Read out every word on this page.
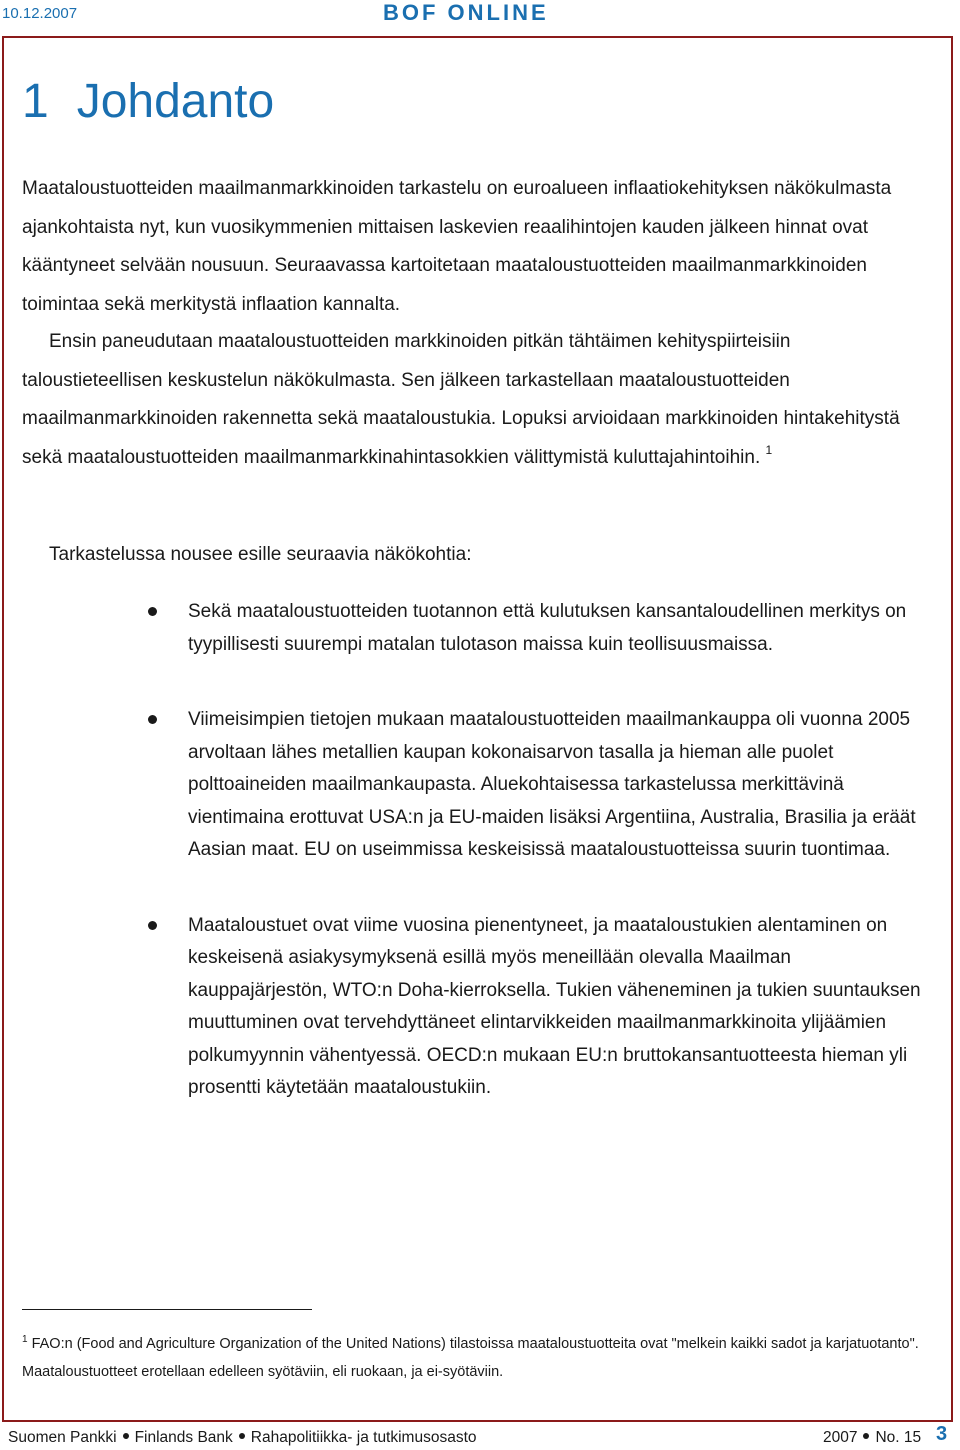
10.12.2007	BOF ONLINE
1 Johdanto

Maataloustuotteiden maailmanmarkkinoiden tarkastelu on euroalueen inflaatiokehityksen näkökulmasta ajankohtaista nyt, kun vuosikymmenien mittaisen laskevien reaalihintojen kauden jälkeen hinnat ovat kääntyneet selvään nousuun. Seuraavassa kartoitetaan maataloustuotteiden maailmanmarkkinoiden toimintaa sekä merkitystä inflaation kannalta.

Ensin paneudutaan maataloustuotteiden markkinoiden pitkän tähtäimen kehityspiirteisiin taloustieteellisen keskustelun näkökulmasta. Sen jälkeen tarkastellaan maataloustuotteiden maailmanmarkkinoiden rakennetta sekä maataloustukia. Lopuksi arvioidaan markkinoiden hintakehitystä sekä maataloustuotteiden maailmanmarkkinahintasokkien välittymistä kuluttajahintoihin. $^1$

Tarkastelussa nousee esille seuraavia näkökohtia:

Sekä maataloustuotteiden tuotannon että kulutuksen kansantaloudellinen merkitys on tyypillisesti suurempi matalan tulotason maissa kuin teollisuusmaissa.
Viimeisimpien tietojen mukaan maataloustuotteiden maailmankauppa oli vuonna 2005 arvoltaan lähes metallien kaupan kokonaisarvon tasalla ja hieman alle puolet polttoaineiden maailmankaupasta. Aluekohtaisessa tarkastelussa merkittävinä vientimaina erottuvat USA:n ja EU-maiden lisäksi Argentiina, Australia, Brasilia ja eräät Aasian maat. EU on useimmissa keskeisissä maataloustuotteissa suurin tuontimaa.
Maataloustuet ovat viime vuosina pienentyneet, ja maataloustukien alentaminen on keskeisenä asiakysymyksenä esillä myös meneillään olevalla Maailman kauppajärjestön, WTO:n Doha-kierroksella. Tukien väheneminen ja tukien suuntauksen muuttuminen ovat tervehdyttäneet elintarvikkeiden maailmanmarkkinoita ylijäämien polkumyynnin vähentyessä. OECD:n mukaan EU:n bruttokansantuotteesta hieman yli prosentti käytetään maataloustukiin.

$^1$ FAO:n (Food and Agriculture Organization of the United Nations) tilastoissa maataloustuotteita ovat "melkein kaikki sadot ja karjatuotanto". Maataloustuotteet erotellaan edelleen syötäviin, eli ruokaan, ja ei-syötäviin.

Suomen Pankki Finlands Bank Rahapolitiikka- ja tutkimusosasto	2007 No. 15 3
